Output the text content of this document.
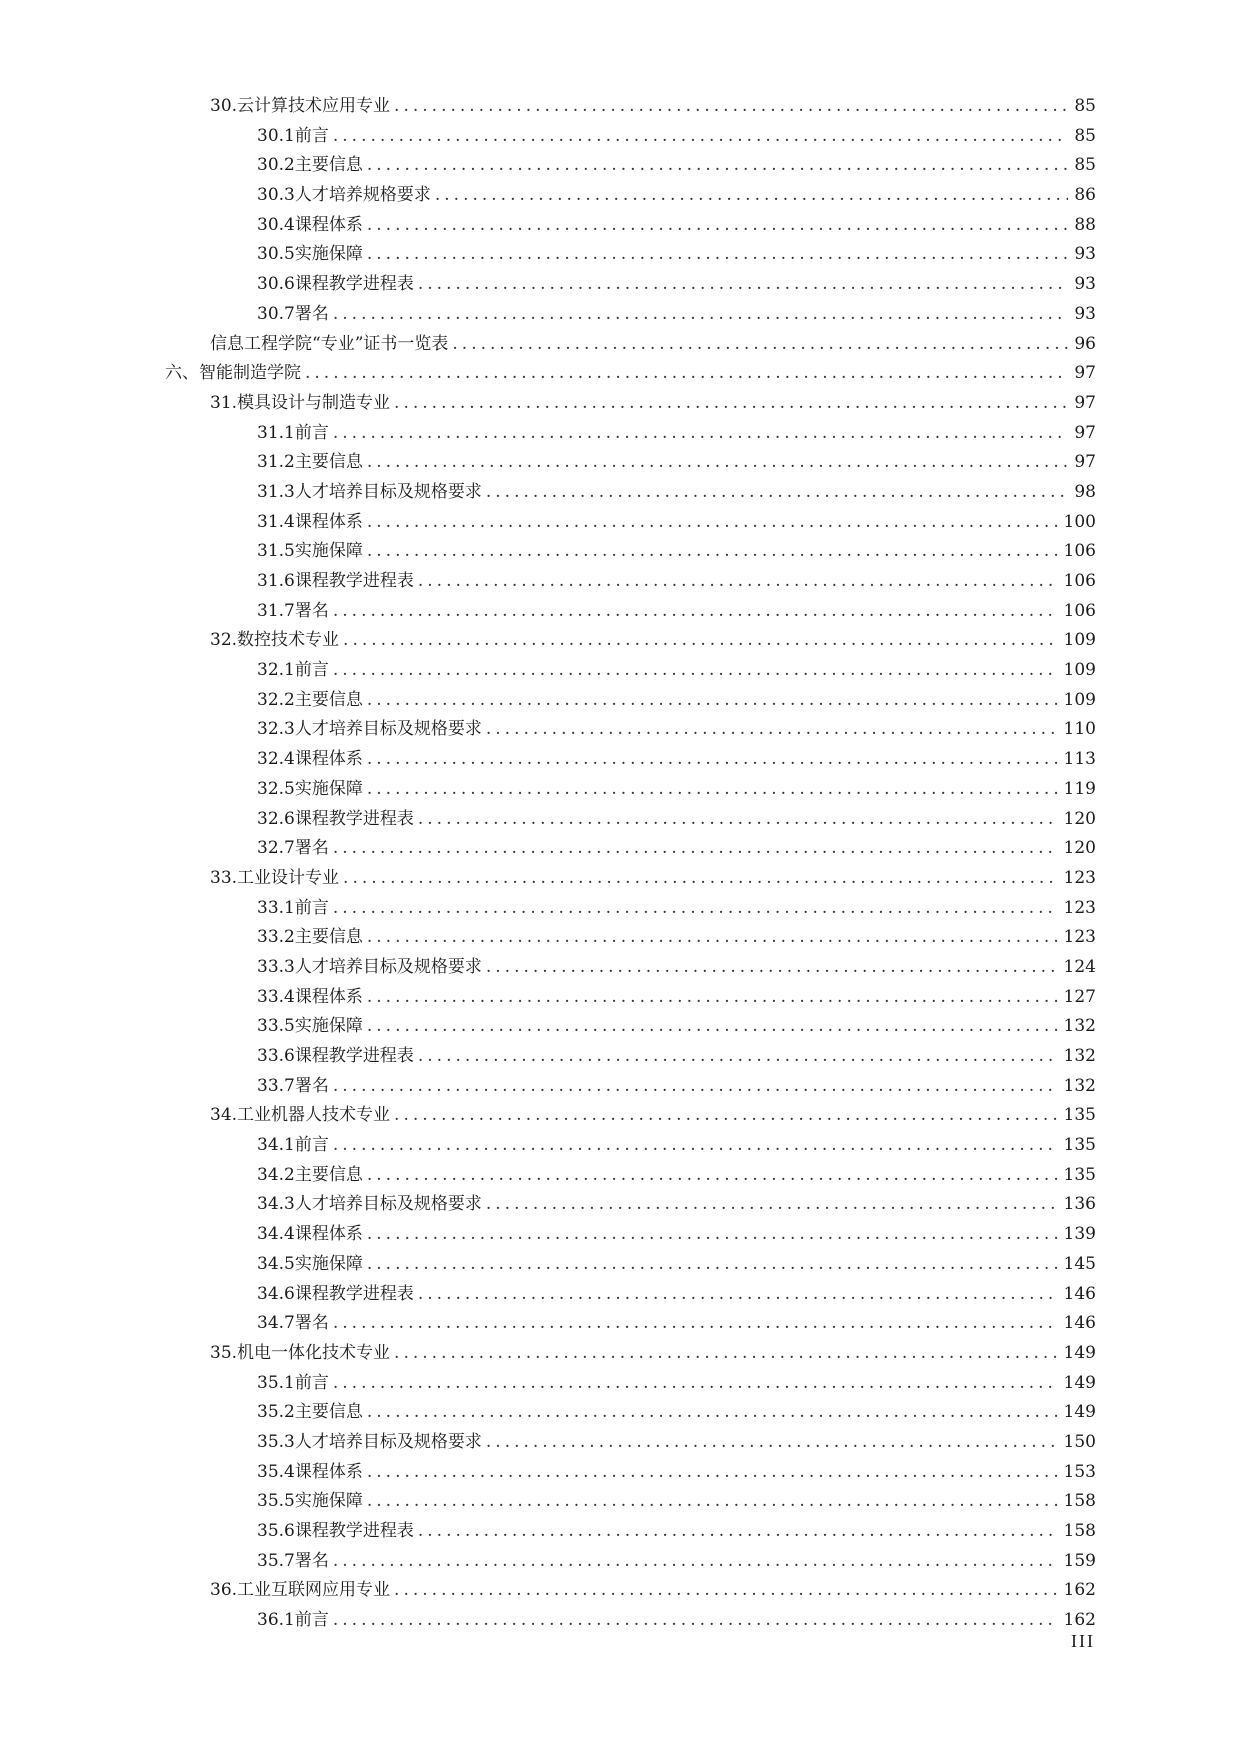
30. 云计算技术应用专业 .....	85
30.1 前言 .....	85
30.2 主要信息 .....	85
30.3 人才培养规格要求 .....	86
30.4 课程体系 .....	88
30.5 实施保障 .....	93
30.6 课程教学进程表 .....	93
30.7 署名 .....	93
信息工程学院“专业”证书一览表 .....	96
六、 智能制造学院 .....	97
31. 模具设计与制造专业 .....	97
31.1 前言 .....	97
31.2 主要信息 .....	97
31.3 人才培养目标及规格要求 .....	98
31.4 课程体系 .....	100
31.5 实施保障 .....	106
31.6 课程教学进程表 .....	106
31.7 署名 .....	106
32. 数控技术专业 .....	109
32.1 前言 .....	109
32.2 主要信息 .....	109
32.3 人才培养目标及规格要求 .....	110
32.4 课程体系 .....	113
32.5 实施保障 .....	119
32.6 课程教学进程表 .....	120
32.7 署名 .....	120
33. 工业设计专业 .....	123
33.1 前言 .....	123
33.2 主要信息 .....	123
33.3 人才培养目标及规格要求 .....	124
33.4 课程体系 .....	127
33.5 实施保障 .....	132
33.6 课程教学进程表 .....	132
33.7 署名 .....	132
34. 工业机器人技术专业 .....	135
34.1 前言 .....	135
34.2 主要信息 .....	135
34.3 人才培养目标及规格要求 .....	136
34.4 课程体系 .....	139
34.5 实施保障 .....	145
34.6 课程教学进程表 .....	146
34.7 署名 .....	146
35. 机电一体化技术专业 .....	149
35.1 前言 .....	149
35.2 主要信息 .....	149
35.3 人才培养目标及规格要求 .....	150
35.4 课程体系 .....	153
35.5 实施保障 .....	158
35.6 课程教学进程表 .....	158
35.7 署名 .....	159
36. 工业互联网应用专业 .....	162
36.1 前言 .....	162
III
